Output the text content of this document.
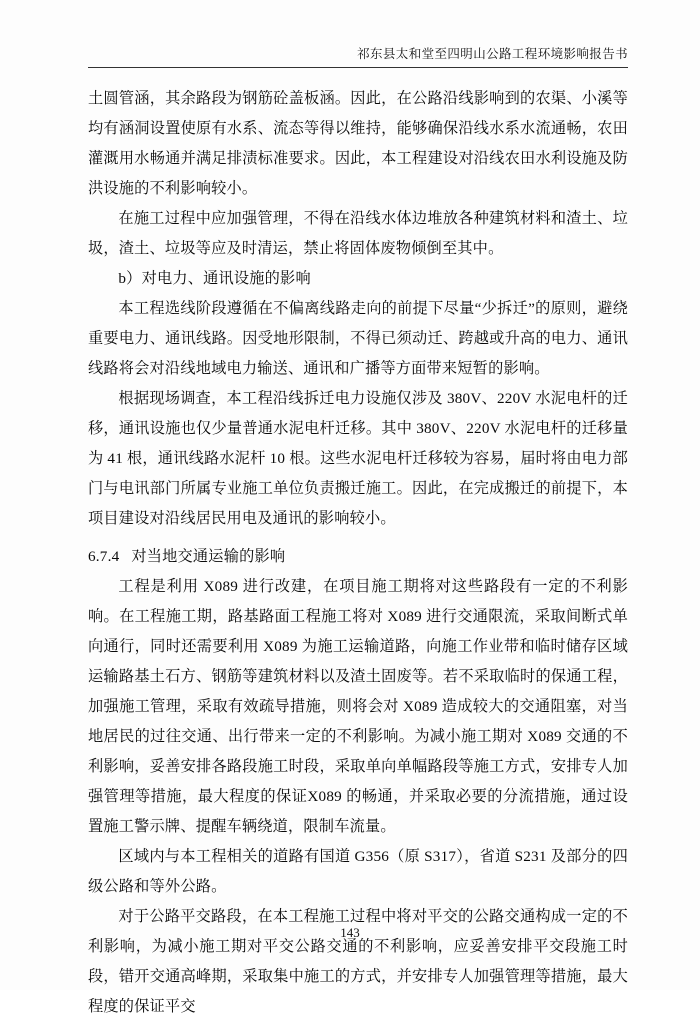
祁东县太和堂至四明山公路工程环境影响报告书

土圆管涵，其余路段为钢筋砼盖板涵。因此，在公路沿线影响到的农渠、小溪等均有涵洞设置使原有水系、流态等得以维持，能够确保沿线水系水流通畅，农田灌溉用水畅通并满足排渍标准要求。因此，本工程建设对沿线农田水利设施及防洪设施的不利影响较小。

在施工过程中应加强管理，不得在沿线水体边堆放各种建筑材料和渣土、垃圾，渣土、垃圾等应及时清运，禁止将固体废物倾倒至其中。

b）对电力、通讯设施的影响

本工程选线阶段遵循在不偏离线路走向的前提下尽量“少拆迁”的原则，避绕重要电力、通讯线路。因受地形限制，不得已须动迁、跨越或升高的电力、通讯线路将会对沿线地域电力输送、通讯和广播等方面带来短暂的影响。

根据现场调查，本工程沿线拆迁电力设施仅涉及 380V、220V 水泥电杆的迁移，通讯设施也仅少量普通水泥电杆迁移。其中 380V、220V 水泥电杆的迁移量为 41 根，通讯线路水泥杆 10 根。这些水泥电杆迁移较为容易，届时将由电力部门与电讯部门所属专业施工单位负责搬迁施工。因此，在完成搬迁的前提下，本项目建设对沿线居民用电及通讯的影响较小。

6.7.4 对当地交通运输的影响

工程是利用 X089 进行改建，在项目施工期将对这些路段有一定的不利影响。在工程施工期，路基路面工程施工将对 X089 进行交通限流，采取间断式单向通行，同时还需要利用 X089 为施工运输道路，向施工作业带和临时储存区域运输路基土石方、钢筋等建筑材料以及渣土固废等。若不采取临时的保通工程，加强施工管理，采取有效疏导措施，则将会对 X089 造成较大的交通阻塞，对当地居民的过往交通、出行带来一定的不利影响。为减小施工期对 X089 交通的不利影响，妥善安排各路段施工时段，采取单向单幅路段等施工方式，安排专人加强管理等措施，最大程度的保证X089 的畅通，并采取必要的分流措施，通过设置施工警示牌、提醒车辆绕道，限制车流量。

区域内与本工程相关的道路有国道 G356（原 S317），省道 S231 及部分的四级公路和等外公路。

对于公路平交路段，在本工程施工过程中将对平交的公路交通构成一定的不利影响，为减小施工期对平交公路交通的不利影响，应妥善安排平交段施工时段，错开交通高峰期，采取集中施工的方式，并安排专人加强管理等措施，最大程度的保证平交

143
